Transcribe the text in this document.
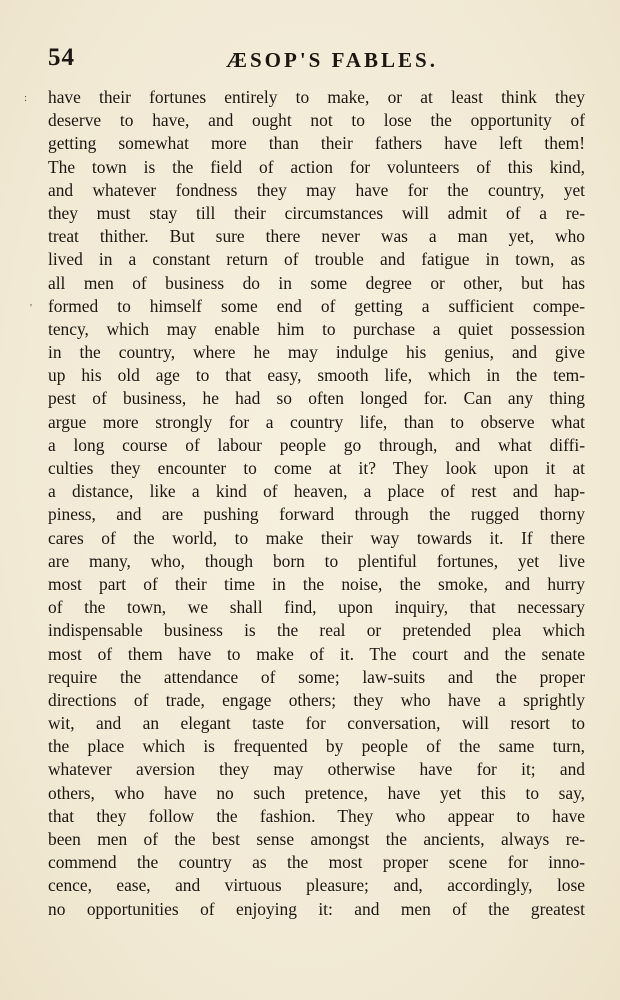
54	ÆSOP'S FABLES.
:
'
have their fortunes entirely to make, or at least think they
deserve to have, and ought not to lose the opportunity of
getting somewhat more than their fathers have left them!
The town is the field of action for volunteers of this kind,
and whatever fondness they may have for the country, yet
they must stay till their circumstances will admit of a re-
treat thither. But sure there never was a man yet, who
lived in a constant return of trouble and fatigue in town, as
all men of business do in some degree or other, but has
formed to himself some end of getting a sufficient compe-
tency, which may enable him to purchase a quiet possession
in the country, where he may indulge his genius, and give
up his old age to that easy, smooth life, which in the tem-
pest of business, he had so often longed for. Can any thing
argue more strongly for a country life, than to observe what
a long course of labour people go through, and what diffi-
culties they encounter to come at it? They look upon it at
a distance, like a kind of heaven, a place of rest and hap-
piness, and are pushing forward through the rugged thorny
cares of the world, to make their way towards it. If there
are many, who, though born to plentiful fortunes, yet live
most part of their time in the noise, the smoke, and hurry
of the town, we shall find, upon inquiry, that necessary
indispensable business is the real or pretended plea which
most of them have to make of it. The court and the senate
require the attendance of some; law-suits and the proper
directions of trade, engage others; they who have a sprightly
wit, and an elegant taste for conversation, will resort to
the place which is frequented by people of the same turn,
whatever aversion they may otherwise have for it; and
others, who have no such pretence, have yet this to say,
that they follow the fashion. They who appear to have
been men of the best sense amongst the ancients, always re-
commend the country as the most proper scene for inno-
cence, ease, and virtuous pleasure; and, accordingly, lose
no opportunities of enjoying it: and men of the greatest
